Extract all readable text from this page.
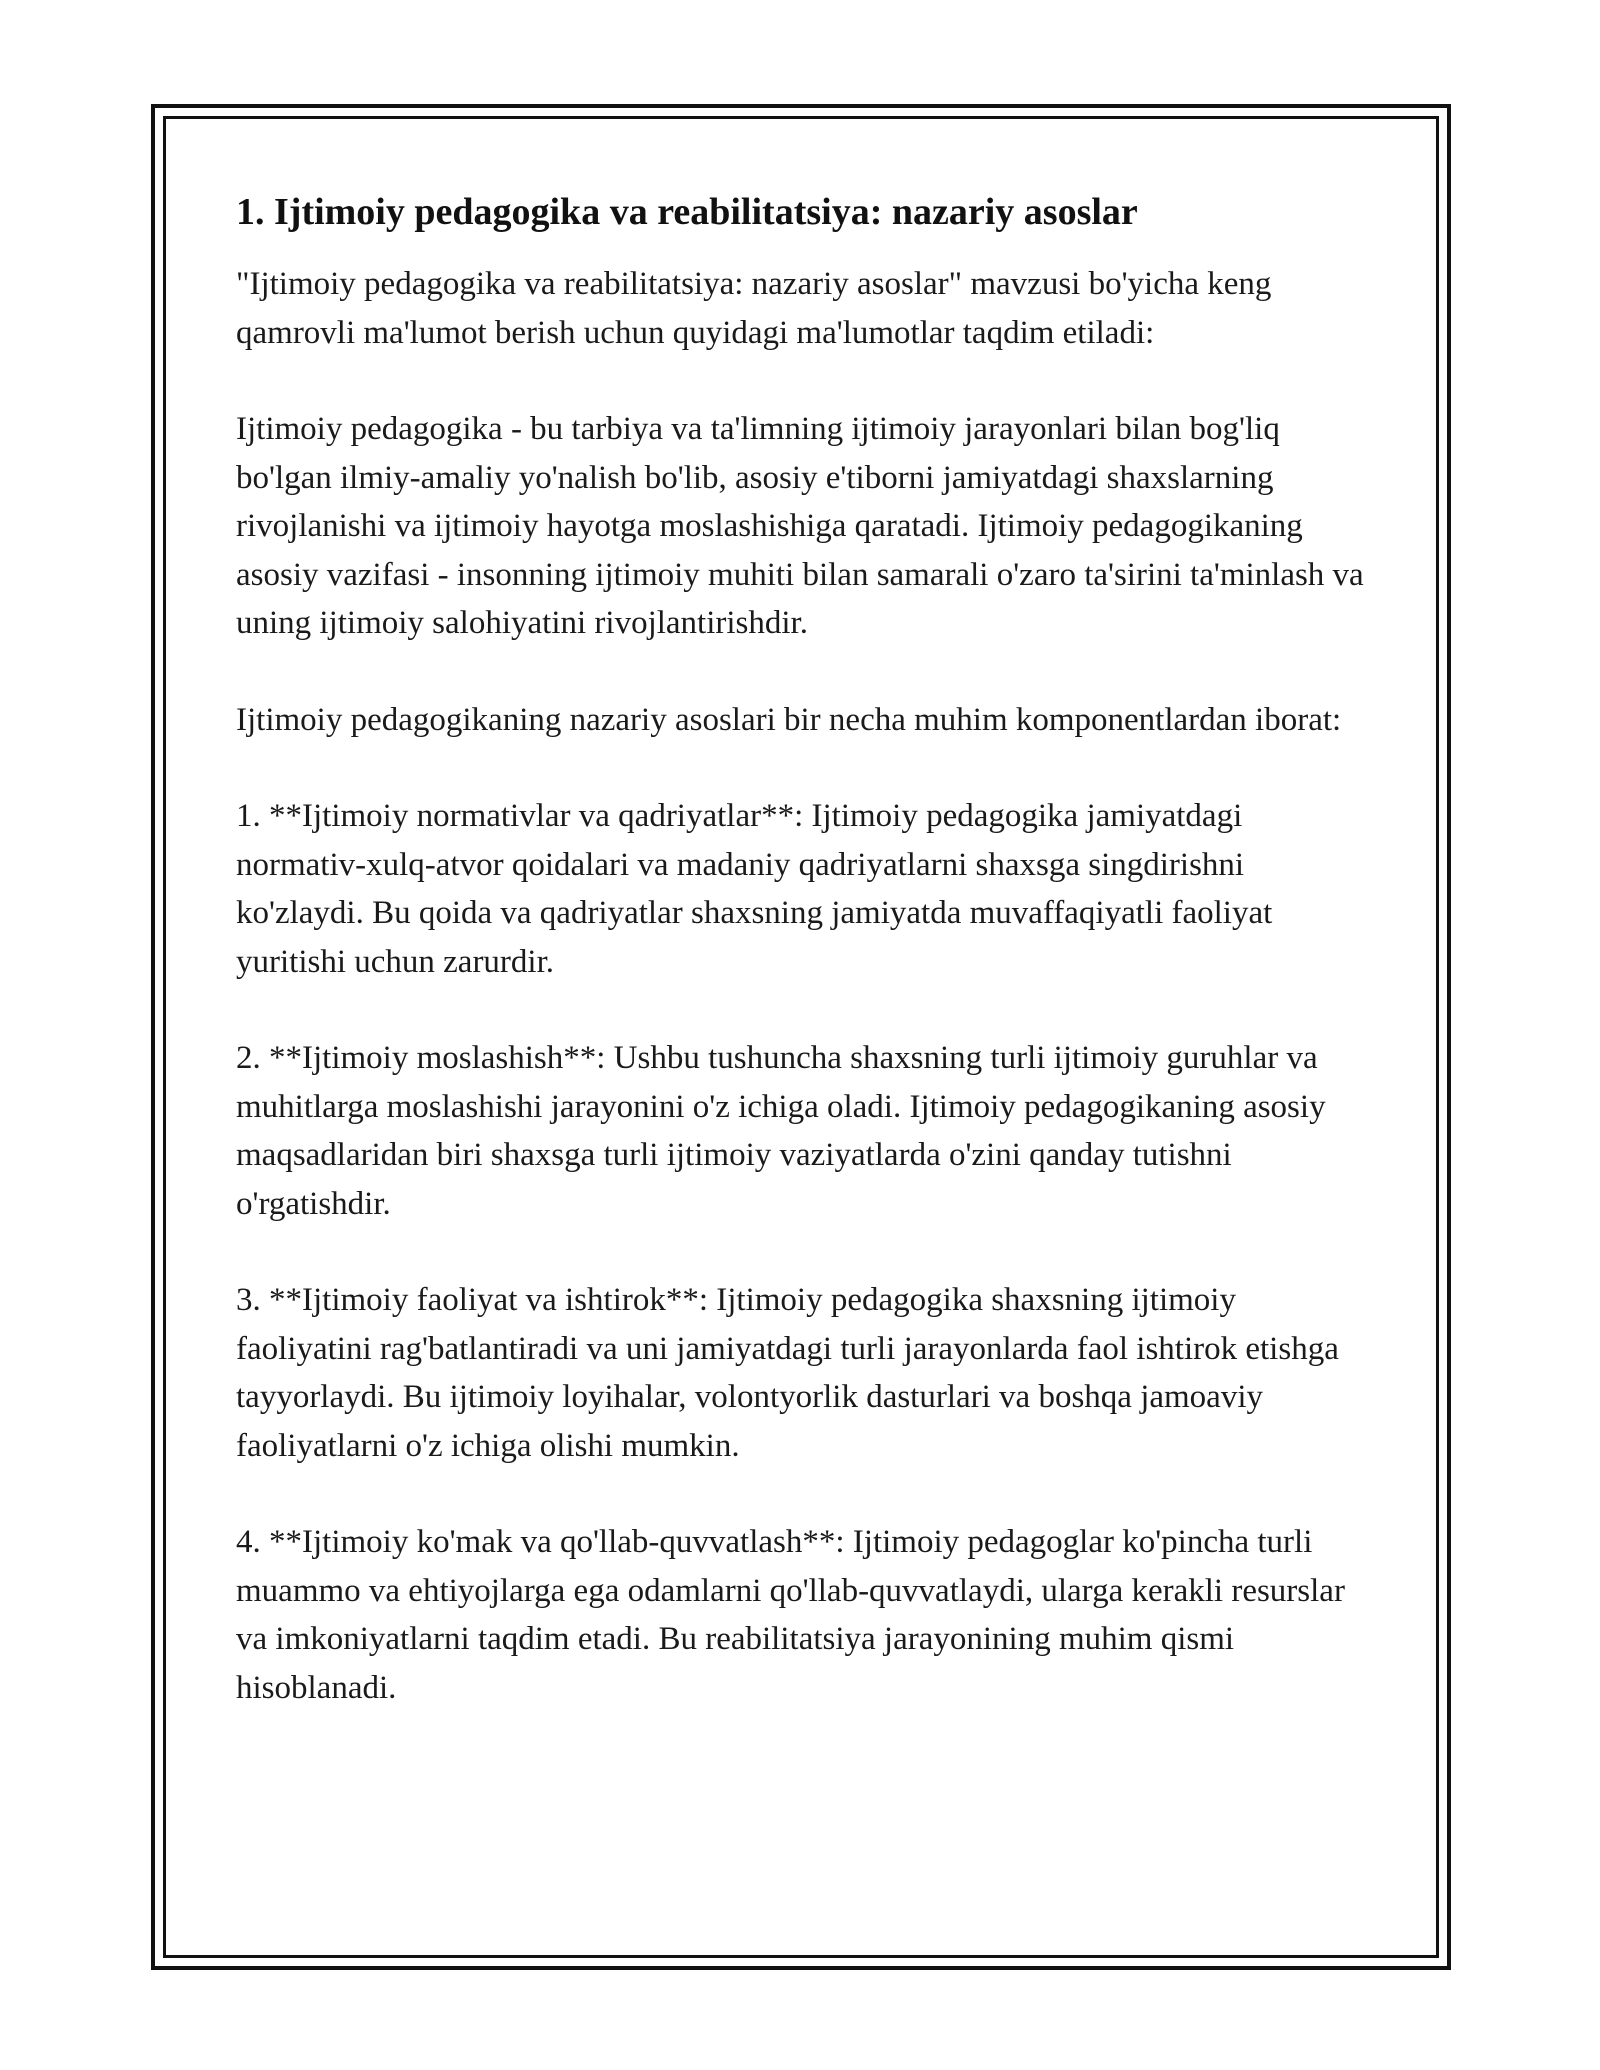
1. Ijtimoiy pedagogika va reabilitatsiya: nazariy asoslar

"Ijtimoiy pedagogika va reabilitatsiya: nazariy asoslar" mavzusi bo'yicha keng qamrovli ma'lumot berish uchun quyidagi ma'lumotlar taqdim etiladi:

Ijtimoiy pedagogika - bu tarbiya va ta'limning ijtimoiy jarayonlari bilan bog'liq bo'lgan ilmiy-amaliy yo'nalish bo'lib, asosiy e'tiborni jamiyatdagi shaxslarning rivojlanishi va ijtimoiy hayotga moslashishiga qaratadi. Ijtimoiy pedagogikaning asosiy vazifasi - insonning ijtimoiy muhiti bilan samarali o'zaro ta'sirini ta'minlash va uning ijtimoiy salohiyatini rivojlantirishdir.

Ijtimoiy pedagogikaning nazariy asoslari bir necha muhim komponentlardan iborat:

1. **Ijtimoiy normativlar va qadriyatlar**: Ijtimoiy pedagogika jamiyatdagi normativ-xulq-atvor qoidalari va madaniy qadriyatlarni shaxsga singdirishni ko'zlaydi. Bu qoida va qadriyatlar shaxsning jamiyatda muvaffaqiyatli faoliyat yuritishi uchun zarurdir.

2. **Ijtimoiy moslashish**: Ushbu tushuncha shaxsning turli ijtimoiy guruhlar va muhitlarga moslashishi jarayonini o'z ichiga oladi. Ijtimoiy pedagogikaning asosiy maqsadlaridan biri shaxsga turli ijtimoiy vaziyatlarda o'zini qanday tutishni o'rgatishdir.

3. **Ijtimoiy faoliyat va ishtirok**: Ijtimoiy pedagogika shaxsning ijtimoiy faoliyatini rag'batlantiradi va uni jamiyatdagi turli jarayonlarda faol ishtirok etishga tayyorlaydi. Bu ijtimoiy loyihalar, volontyorlik dasturlari va boshqa jamoaviy faoliyatlarni o'z ichiga olishi mumkin.

4. **Ijtimoiy ko'mak va qo'llab-quvvatlash**: Ijtimoiy pedagoglar ko'pincha turli muammo va ehtiyojlarga ega odamlarni qo'llab-quvvatlaydi, ularga kerakli resurslar va imkoniyatlarni taqdim etadi. Bu reabilitatsiya jarayonining muhim qismi hisoblanadi.
